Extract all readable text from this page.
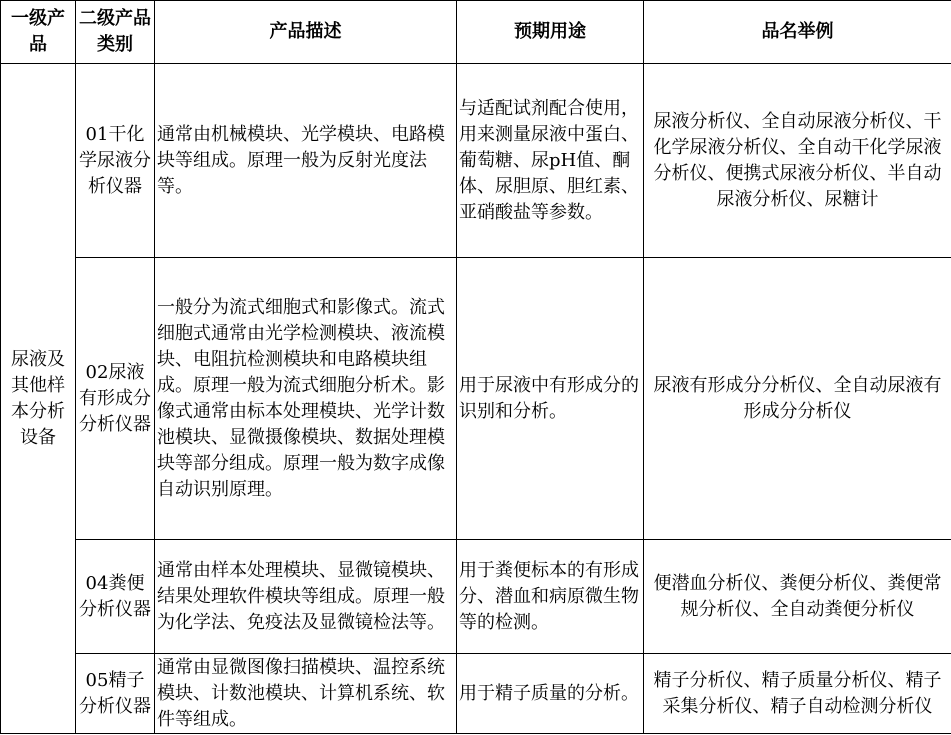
一级产品	二级产品类别	产品描述	预期用途	品名举例
尿液及其他样本分析设备	01干化学尿液分析仪器	通常由机械模块、光学模块、电路模块等组成。原理一般为反射光度法等。	与适配试剂配合使用，用来测量尿液中蛋白、葡萄糖、尿pH值、酮体、尿胆原、胆红素、亚硝酸盐等参数。	尿液分析仪、全自动尿液分析仪、干化学尿液分析仪、全自动干化学尿液分析仪、便携式尿液分析仪、半自动尿液分析仪、尿糖计
	02尿液有形成分分析仪器	一般分为流式细胞式和影像式。流式细胞式通常由光学检测模块、液流模块、电阻抗检测模块和电路模块组成。原理一般为流式细胞分析术。影像式通常由标本处理模块、光学计数池模块、显微摄像模块、数据处理模块等部分组成。原理一般为数字成像自动识别原理。	用于尿液中有形成分的识别和分析。	尿液有形成分分析仪、全自动尿液有形成分分析仪
	04粪便分析仪器	通常由样本处理模块、显微镜模块、结果处理软件模块等组成。原理一般为化学法、免疫法及显微镜检法等。	用于粪便标本的有形成分、潜血和病原微生物等的检测。	便潜血分析仪、粪便分析仪、粪便常规分析仪、全自动粪便分析仪
	05精子分析仪器	通常由显微图像扫描模块、温控系统模块、计数池模块、计算机系统、软件等组成。	用于精子质量的分析。	精子分析仪、精子质量分析仪、精子采集分析仪、精子自动检测分析仪
